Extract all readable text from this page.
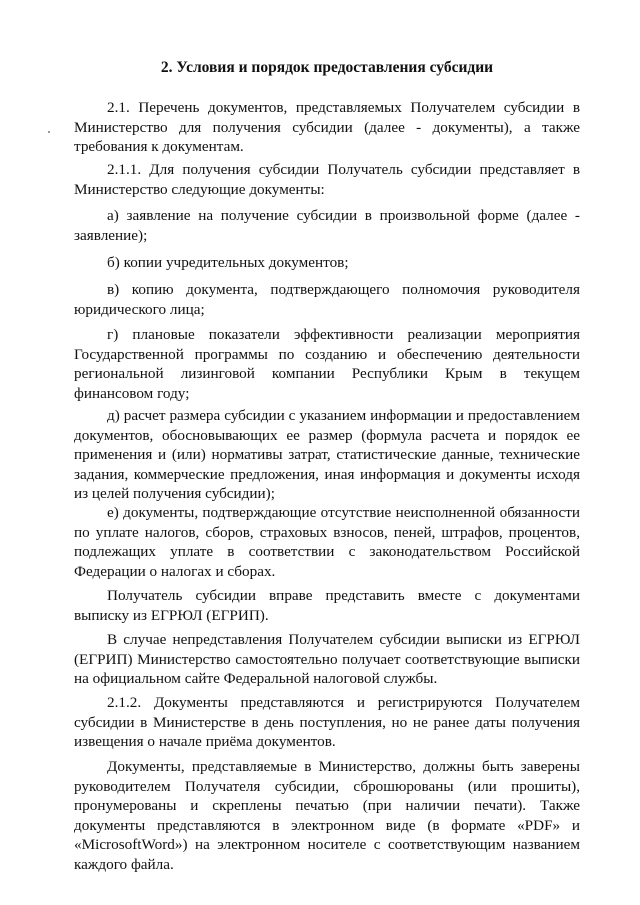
2. Условия и порядок предоставления субсидии

2.1. Перечень документов, представляемых Получателем субсидии в Министерство для получения субсидии (далее - документы), а также требования к документам.

2.1.1. Для получения субсидии Получатель субсидии представляет в Министерство следующие документы:

а) заявление на получение субсидии в произвольной форме (далее - заявление);

б) копии учредительных документов;

в) копию документа, подтверждающего полномочия руководителя юридического лица;

г) плановые показатели эффективности реализации мероприятия Государственной программы по созданию и обеспечению деятельности региональной лизинговой компании Республики Крым в текущем финансовом году;

д) расчет размера субсидии с указанием информации и предоставлением документов, обосновывающих ее размер (формула расчета и порядок ее применения и (или) нормативы затрат, статистические данные, технические задания, коммерческие предложения, иная информация и документы исходя из целей получения субсидии);

е) документы, подтверждающие отсутствие неисполненной обязанности по уплате налогов, сборов, страховых взносов, пеней, штрафов, процентов, подлежащих уплате в соответствии с законодательством Российской Федерации о налогах и сборах.

Получатель субсидии вправе представить вместе с документами выписку из ЕГРЮЛ (ЕГРИП).

В случае непредставления Получателем субсидии выписки из ЕГРЮЛ (ЕГРИП) Министерство самостоятельно получает соответствующие выписки на официальном сайте Федеральной налоговой службы.

2.1.2. Документы представляются и регистрируются Получателем субсидии в Министерстве в день поступления, но не ранее даты получения извещения о начале приёма документов.

Документы, представляемые в Министерство, должны быть заверены руководителем Получателя субсидии, сброшюрованы (или прошиты), пронумерованы и скреплены печатью (при наличии печати). Также документы представляются в электронном виде (в формате «PDF» и «MicrosoftWord») на электронном носителе с соответствующим названием каждого файла.
